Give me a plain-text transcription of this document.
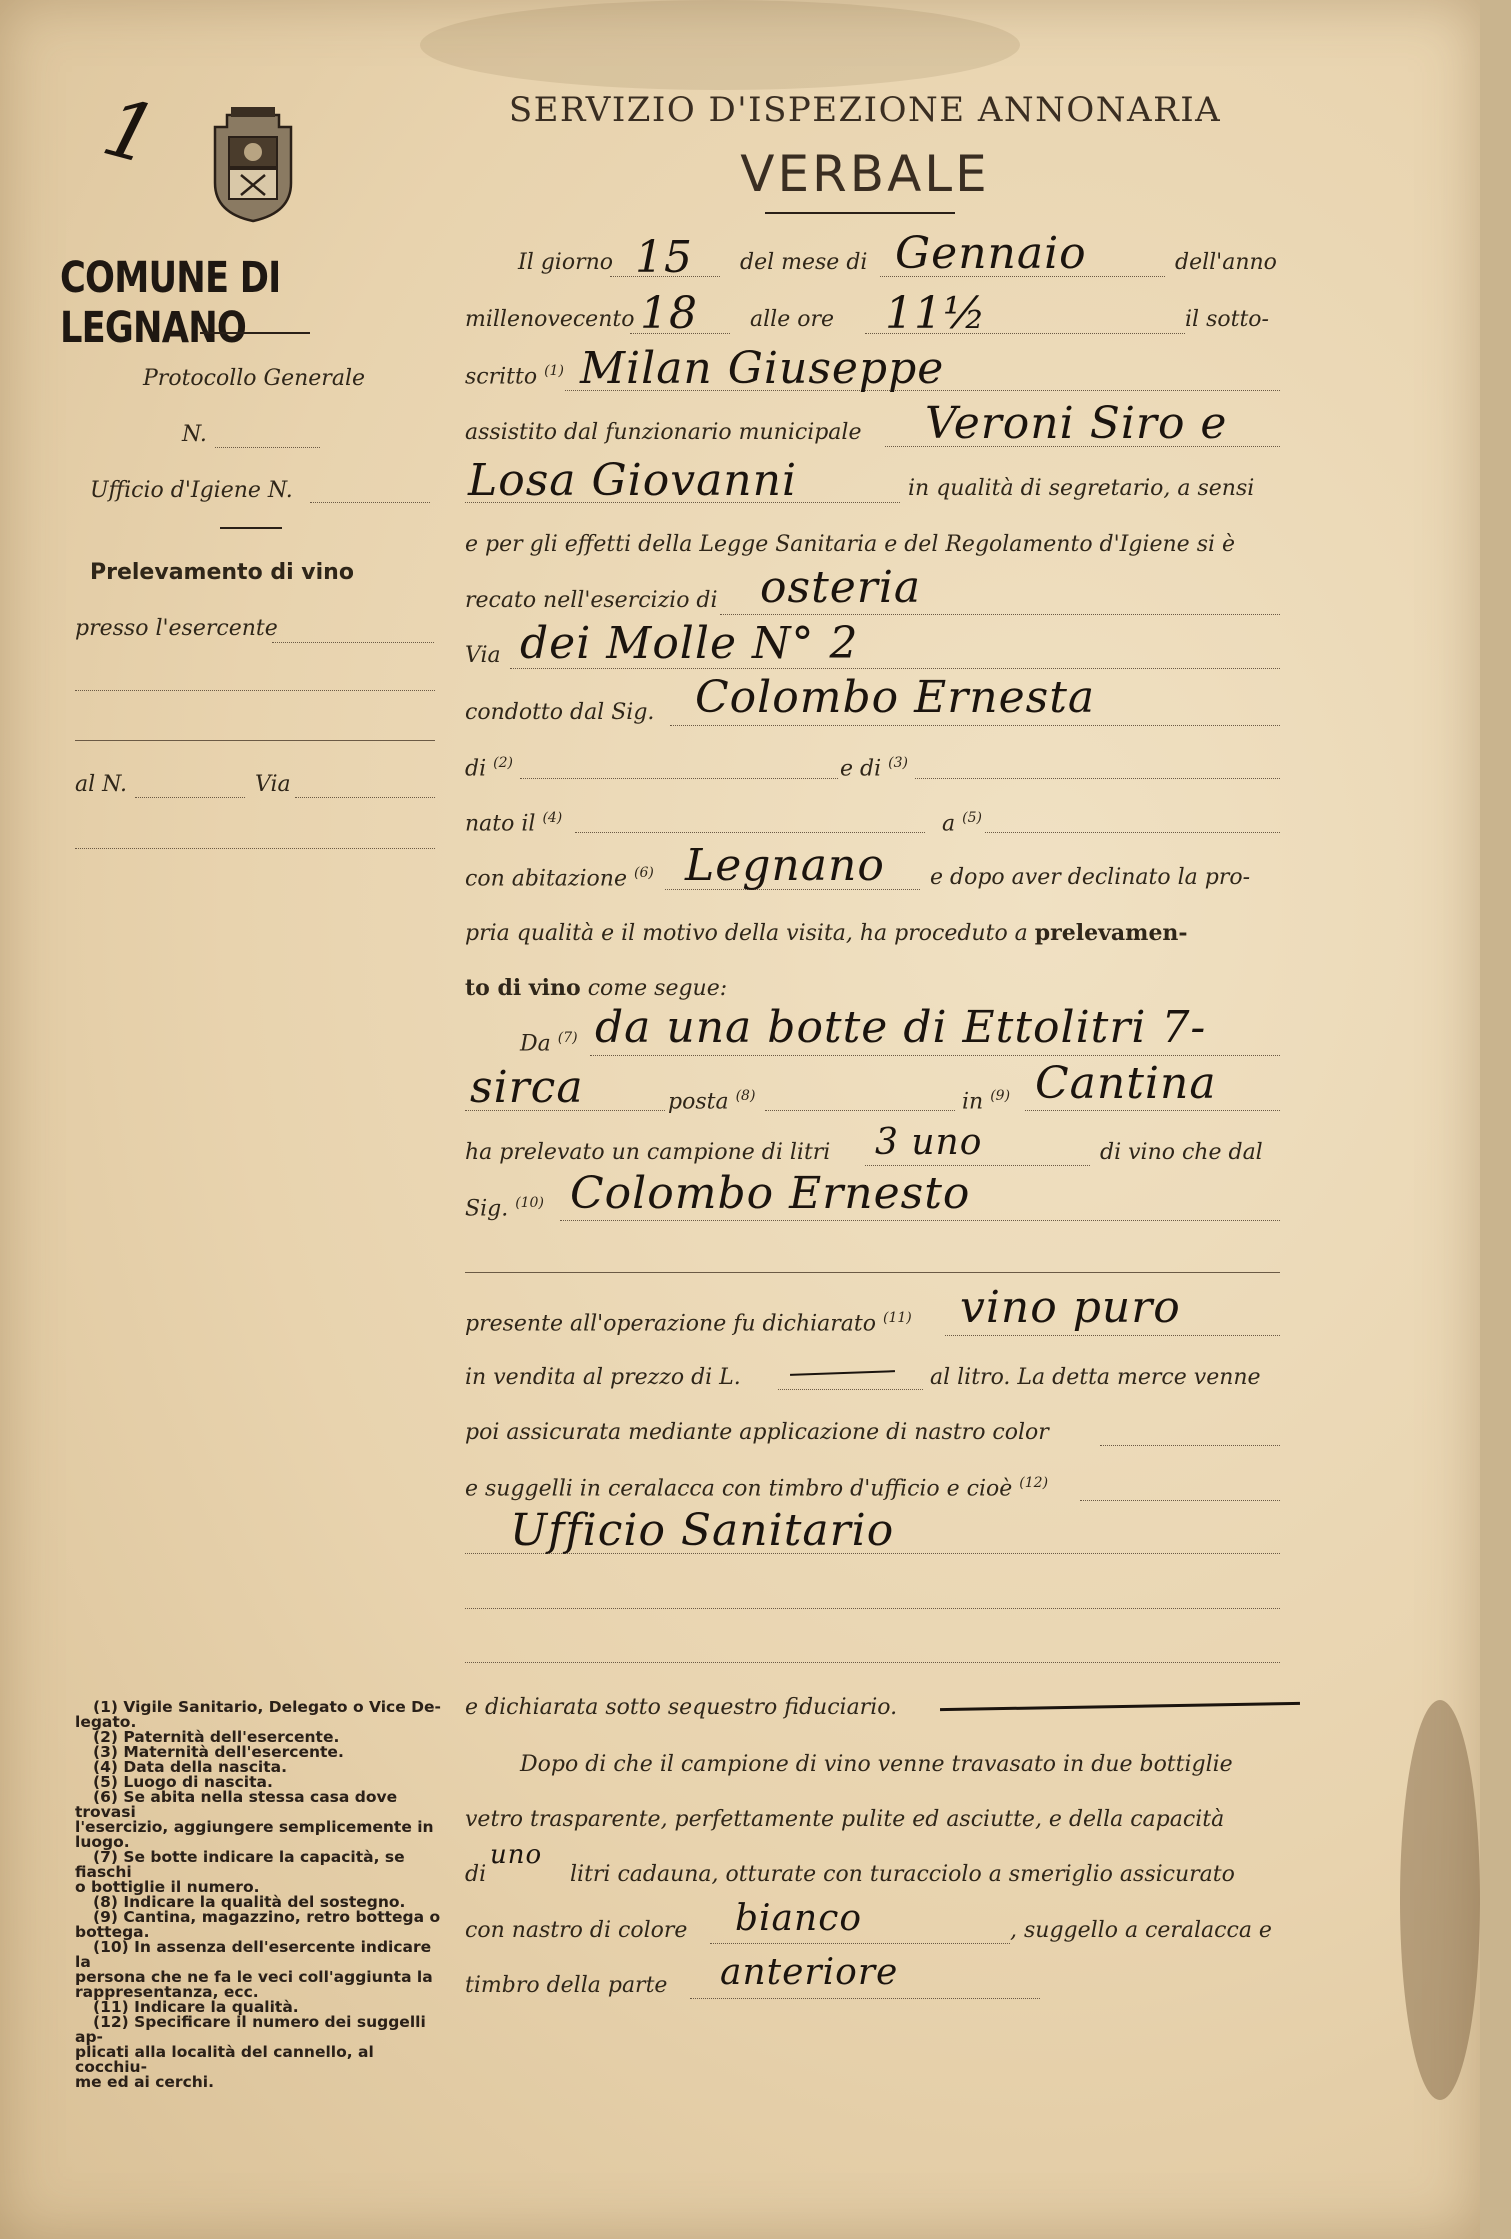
1
COMUNE DI LEGNANO
Protocollo Generale
N.
Ufficio d'Igiene N.
Prelevamento di vino
presso l'esercente
al N.	Via
SERVIZIO D'ISPEZIONE ANNONARIA
VERBALE
Il giorno 15 del mese di Gennaio	dell'anno
millenovecento 18 alle ore 11½	il sotto-
scritto $^{(1)}$ Milan Giuseppe
assistito dal funzionario municipale Veroni Siro e
Losa Giovanni	in qualità di segretario, a sensi
e per gli effetti della Legge Sanitaria e del Regolamento d'Igiene si è
recato nell'esercizio di osteria
Via dei Molle N° 2
condotto dal Sig. Colombo Ernesta
di $^{(2)}$	e di $^{(3)}$
nato il $^{(4)}$	a $^{(5)}$
con abitazione $^{(6)}$ Legnano e dopo aver declinato la pro-
pria qualità e il motivo della visita, ha proceduto a prelevamen-
to di vino come segue:
Da $^{(7)}$ da una botte di Ettolitri 7-
sirca	posta $^{(8)}$	in $^{(9)}$ Cantina
ha prelevato un campione di litri 3 uno	di vino che dal
Sig. $^{(10)}$ Colombo Ernesto
presente all'operazione fu dichiarato $^{(11)}$ vino puro
in vendita al prezzo di L.	al litro. La detta merce venne
poi assicurata mediante applicazione di nastro color
e suggelli in ceralacca con timbro d'ufficio e cioè $^{(12)}$
Ufficio Sanitario
e dichiarata sotto sequestro fiduciario.
Dopo di che il campione di vino venne travasato in due bottiglie
vetro trasparente, perfettamente pulite ed asciutte, e della capacità
di
uno
litri cadauna, otturate con turacciolo a smeriglio assicurato
con nastro di colore bianco	, suggello a ceralacca e
timbro della parte anteriore
(1) Vigile Sanitario, Delegato o Vice De-
legato.
(2) Paternità dell'esercente.
(3) Maternità dell'esercente.
(4) Data della nascita.
(5) Luogo di nascita.
(6) Se abita nella stessa casa dove trovasi
l'esercizio, aggiungere semplicemente in luogo.
(7) Se botte indicare la capacità, se fiaschi
o bottiglie il numero.
(8) Indicare la qualità del sostegno.
(9) Cantina, magazzino, retro bottega o
bottega.
(10) In assenza dell'esercente indicare la
persona che ne fa le veci coll'aggiunta la
rappresentanza, ecc.
(11) Indicare la qualità.
(12) Specificare il numero dei suggelli ap-
plicati alla località del cannello, al cocchiu-
me ed ai cerchi.
